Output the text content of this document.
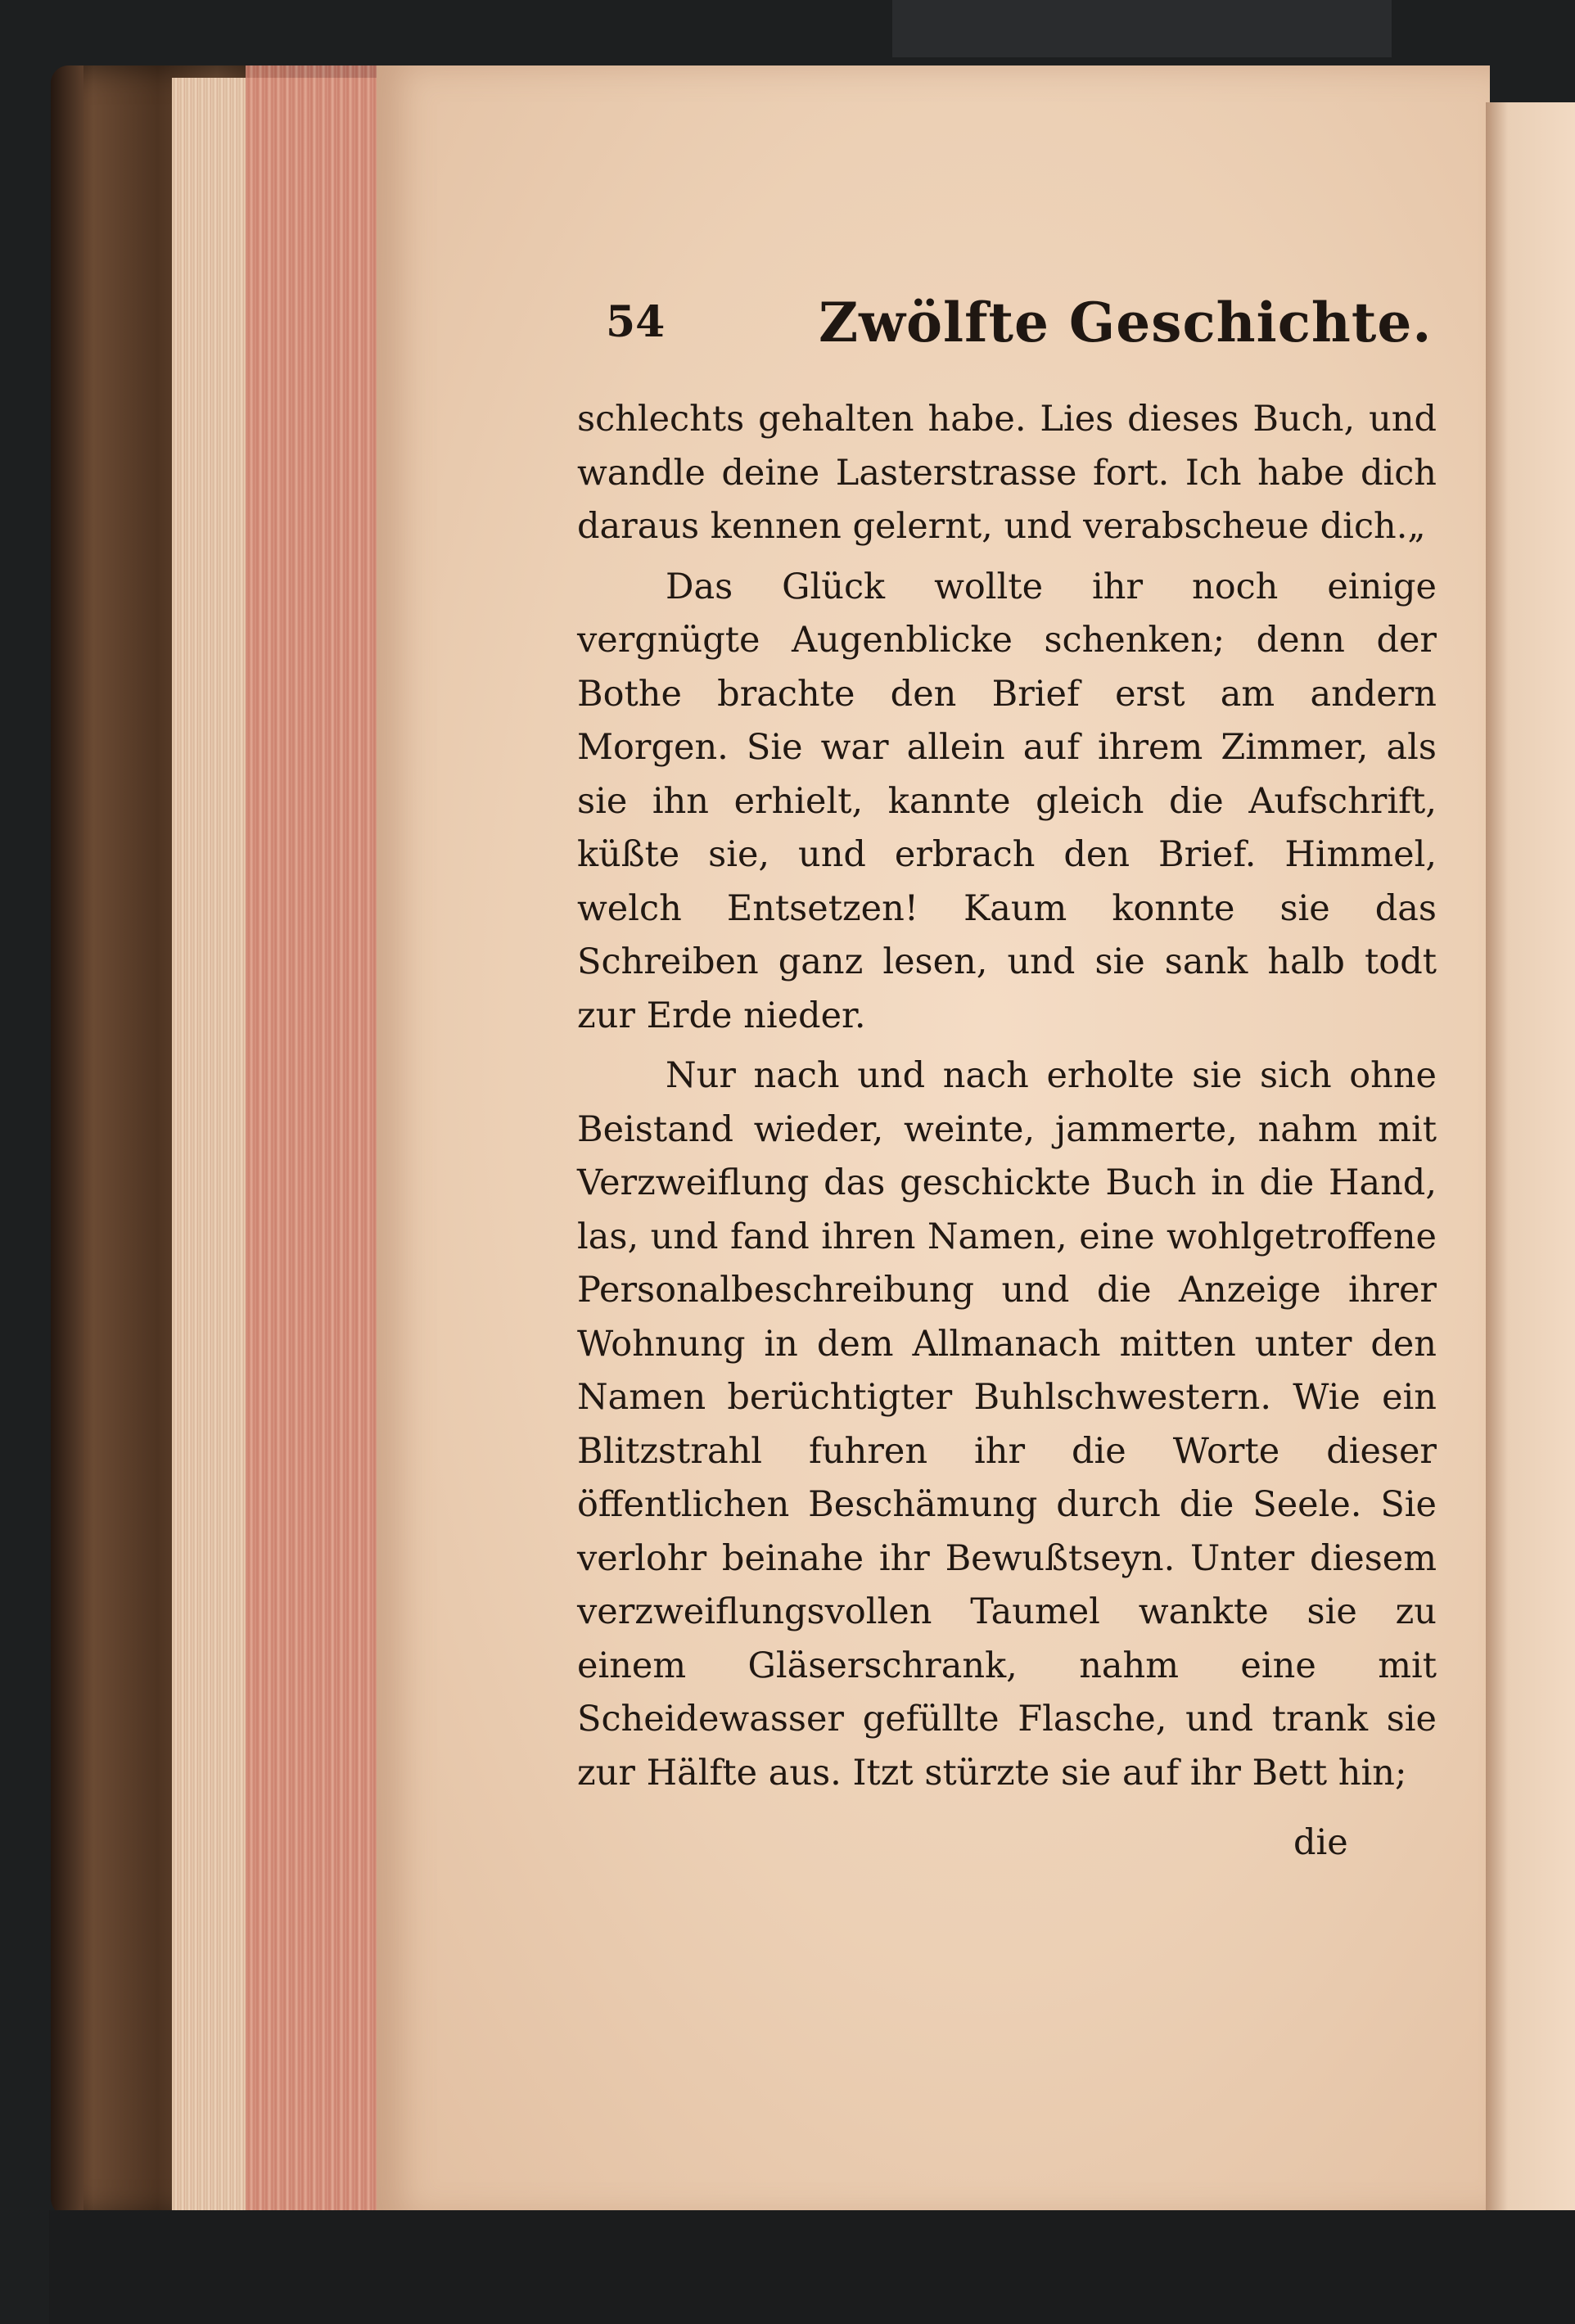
54	Zwölfte Geschichte.

schlechts gehalten habe. Lies dieses Buch, und wandle deine Lasterstrasse fort. Ich habe dich daraus kennen gelernt, und verabscheue dich.„

Das Glück wollte ihr noch einige vergnügte Augenblicke schenken; denn der Bothe brachte den Brief erst am andern Morgen. Sie war allein auf ihrem Zimmer, als sie ihn erhielt, kannte gleich die Aufschrift, küßte sie, und erbrach den Brief. Himmel, welch Entsetzen! Kaum konnte sie das Schreiben ganz lesen, und sie sank halb todt zur Erde nieder.

Nur nach und nach erholte sie sich ohne Beistand wieder, weinte, jammerte, nahm mit Verzweiflung das geschickte Buch in die Hand, las, und fand ihren Namen, eine wohlgetroffene Personalbeschreibung und die Anzeige ihrer Wohnung in dem Allmanach mitten unter den Namen berüchtigter Buhlschwestern. Wie ein Blitzstrahl fuhren ihr die Worte dieser öffentlichen Beschämung durch die Seele. Sie verlohr beinahe ihr Bewußtseyn. Unter diesem verzweiflungsvollen Taumel wankte sie zu einem Gläserschrank, nahm eine mit Scheidewasser gefüllte Flasche, und trank sie zur Hälfte aus. Itzt stürzte sie auf ihr Bett hin;

die
